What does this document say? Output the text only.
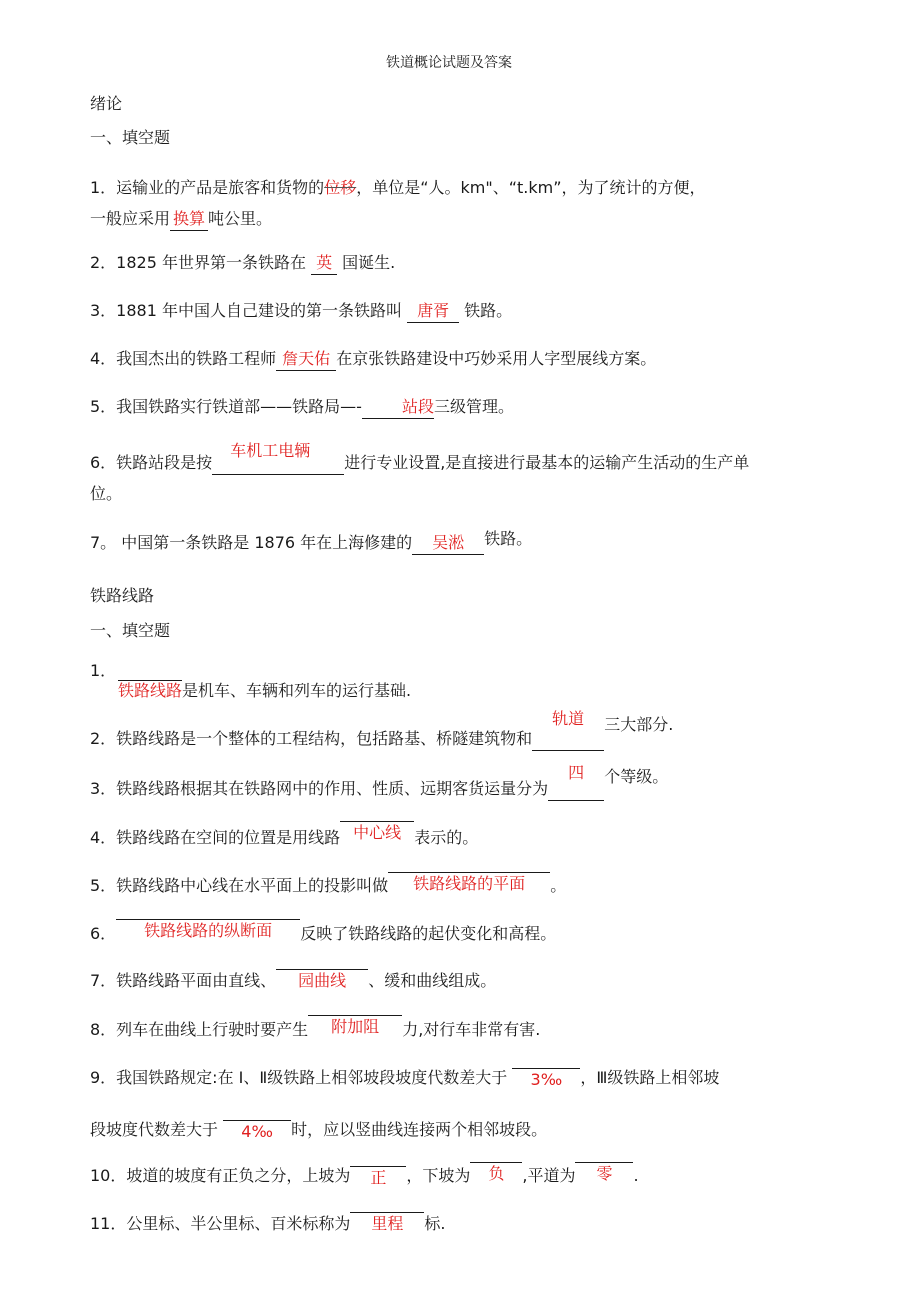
铁道概论试题及答案
绪论
一、填空题
1．运输业的产品是旅客和货物的位移，单位是“人。km"、“t.km”，为了统计的方便，
一般应采用 换算 吨公里。
2．1825 年世界第一条铁路在 英 国诞生.
3．1881 年中国人自己建设的第一条铁路叫 唐胥 铁路。
4．我国杰出的铁路工程师 詹天佑 在京张铁路建设中巧妙采用人字型展线方案。
5．我国铁路实行铁道部——铁路局—- 站段三级管理。
6．铁路站段是按车机工电辆进行专业设置,是直接进行最基本的运输产生活动的生产单
位。
7。 中国第一条铁路是 1876 年在上海修建的 吴淞 铁路。
铁路线路
一、填空题
1．
铁路线路是机车、车辆和列车的运行基础.
2．铁路线路是一个整体的工程结构，包括路基、桥隧建筑物和轨道 三大部分.
3．铁路线路根据其在铁路网中的作用、性质、远期客货运量分为四 个等级。
4．铁路线路在空间的位置是用线路 中心线 表示的。
5．铁路线路中心线在水平面上的投影叫做 铁路线路的平面 。
6． 铁路线路的纵断面 反映了铁路线路的起伏变化和高程。
7．铁路线路平面由直线、 园曲线 、缓和曲线组成。
8．列车在曲线上行驶时要产生 附加阻 力,对行车非常有害.
9．我国铁路规定:在 Ⅰ、Ⅱ级铁路上相邻坡段坡度代数差大于 3‰ ，Ⅲ级铁路上相邻坡
段坡度代数差大于 4‰ 时，应以竖曲线连接两个相邻坡段。
10．坡道的坡度有正负之分，上坡为 正 ，下坡为 负 ,平道为 零 .
11．公里标、半公里标、百米标称为 里程 标.
